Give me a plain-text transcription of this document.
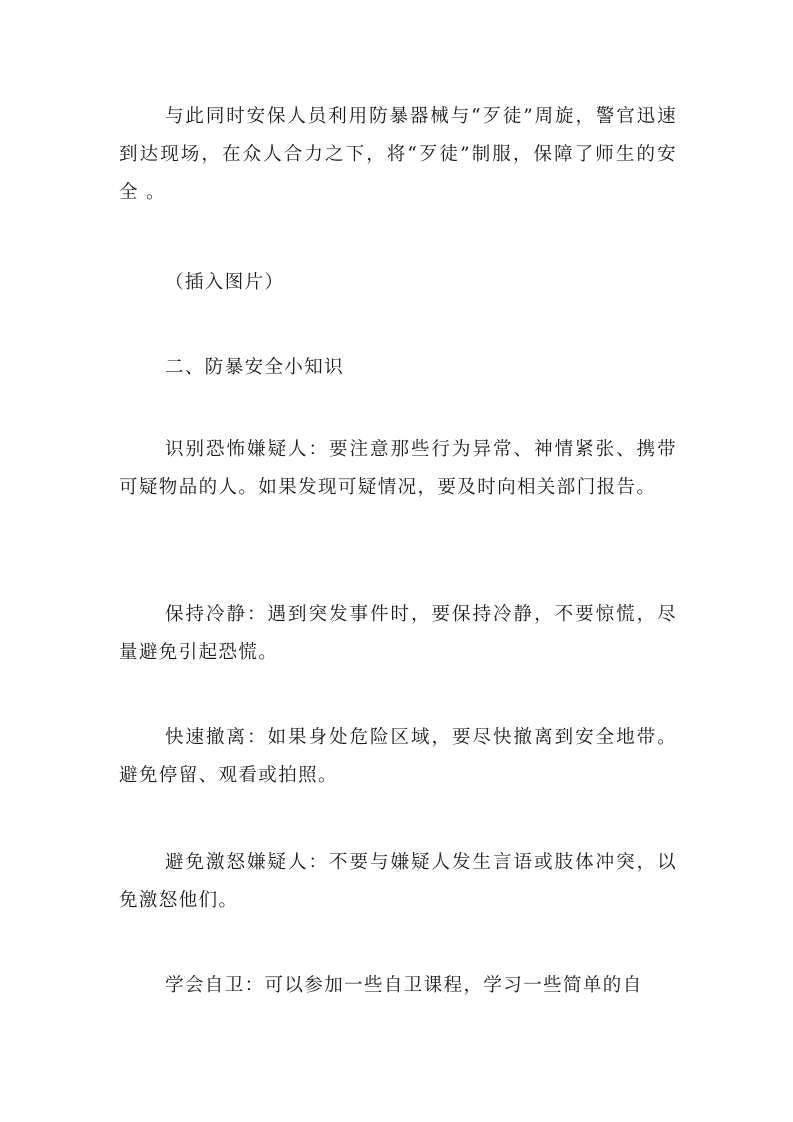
与此同时安保人员利用防暴器械与“歹徒”周旋，警官迅速到达现场，在众人合力之下，将“歹徒”制服，保障了师生的安全 。

（插入图片）

二、防暴安全小知识

识别恐怖嫌疑人：要注意那些行为异常、神情紧张、携带可疑物品的人。如果发现可疑情况，要及时向相关部门报告。

保持冷静：遇到突发事件时，要保持冷静，不要惊慌，尽量避免引起恐慌。

快速撤离：如果身处危险区域，要尽快撤离到安全地带。避免停留、观看或拍照。

避免激怒嫌疑人：不要与嫌疑人发生言语或肢体冲突，以免激怒他们。

学会自卫：可以参加一些自卫课程，学习一些简单的自
